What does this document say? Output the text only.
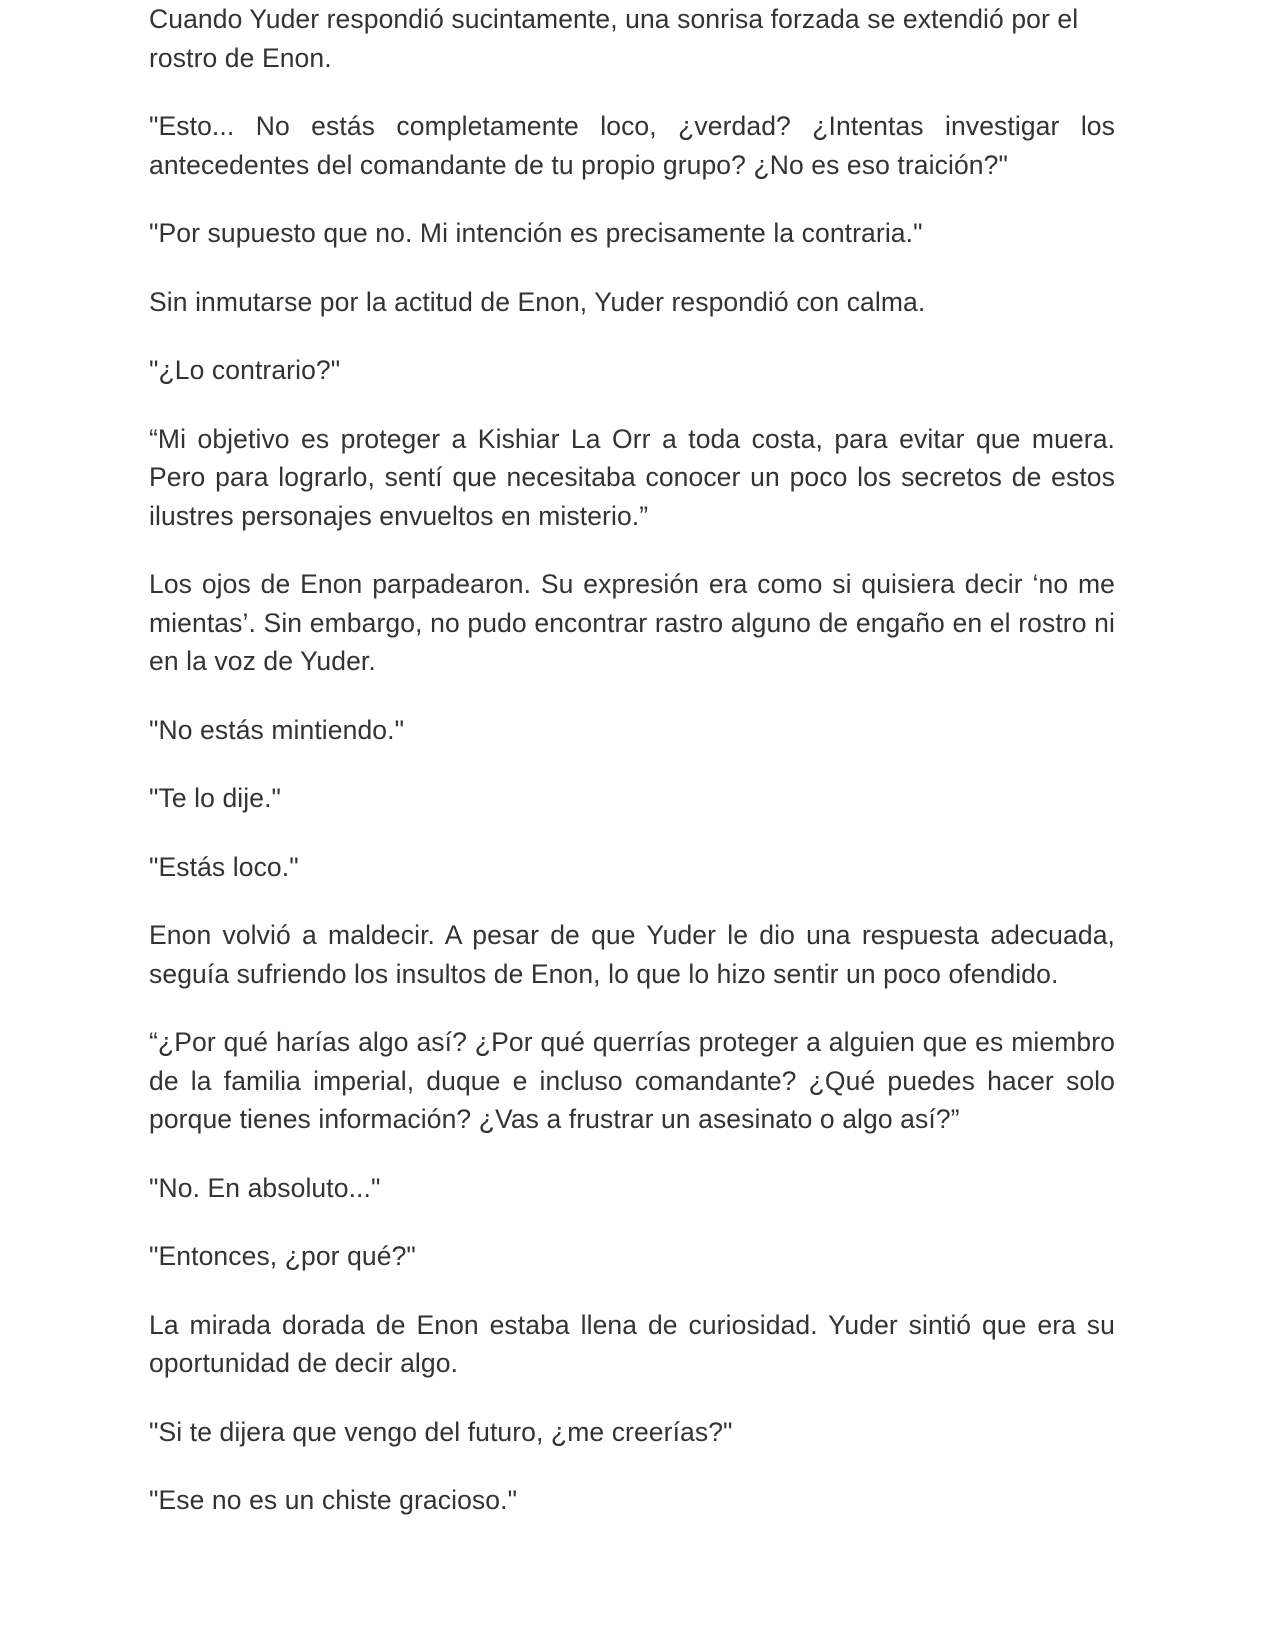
Cuando Yuder respondió sucintamente, una sonrisa forzada se extendió por el rostro de Enon.

"Esto... No estás completamente loco, ¿verdad? ¿Intentas investigar los antecedentes del comandante de tu propio grupo? ¿No es eso traición?"

"Por supuesto que no. Mi intención es precisamente la contraria."

Sin inmutarse por la actitud de Enon, Yuder respondió con calma.

"¿Lo contrario?"

“Mi objetivo es proteger a Kishiar La Orr a toda costa, para evitar que muera. Pero para lograrlo, sentí que necesitaba conocer un poco los secretos de estos ilustres personajes envueltos en misterio.”

Los ojos de Enon parpadearon. Su expresión era como si quisiera decir ‘no me mientas’. Sin embargo, no pudo encontrar rastro alguno de engaño en el rostro ni en la voz de Yuder.

"No estás mintiendo."

"Te lo dije."

"Estás loco."

Enon volvió a maldecir. A pesar de que Yuder le dio una respuesta adecuada, seguía sufriendo los insultos de Enon, lo que lo hizo sentir un poco ofendido.

“¿Por qué harías algo así? ¿Por qué querrías proteger a alguien que es miembro de la familia imperial, duque e incluso comandante? ¿Qué puedes hacer solo porque tienes información? ¿Vas a frustrar un asesinato o algo así?”

"No. En absoluto..."

"Entonces, ¿por qué?"

La mirada dorada de Enon estaba llena de curiosidad. Yuder sintió que era su oportunidad de decir algo.

"Si te dijera que vengo del futuro, ¿me creerías?"

"Ese no es un chiste gracioso."
